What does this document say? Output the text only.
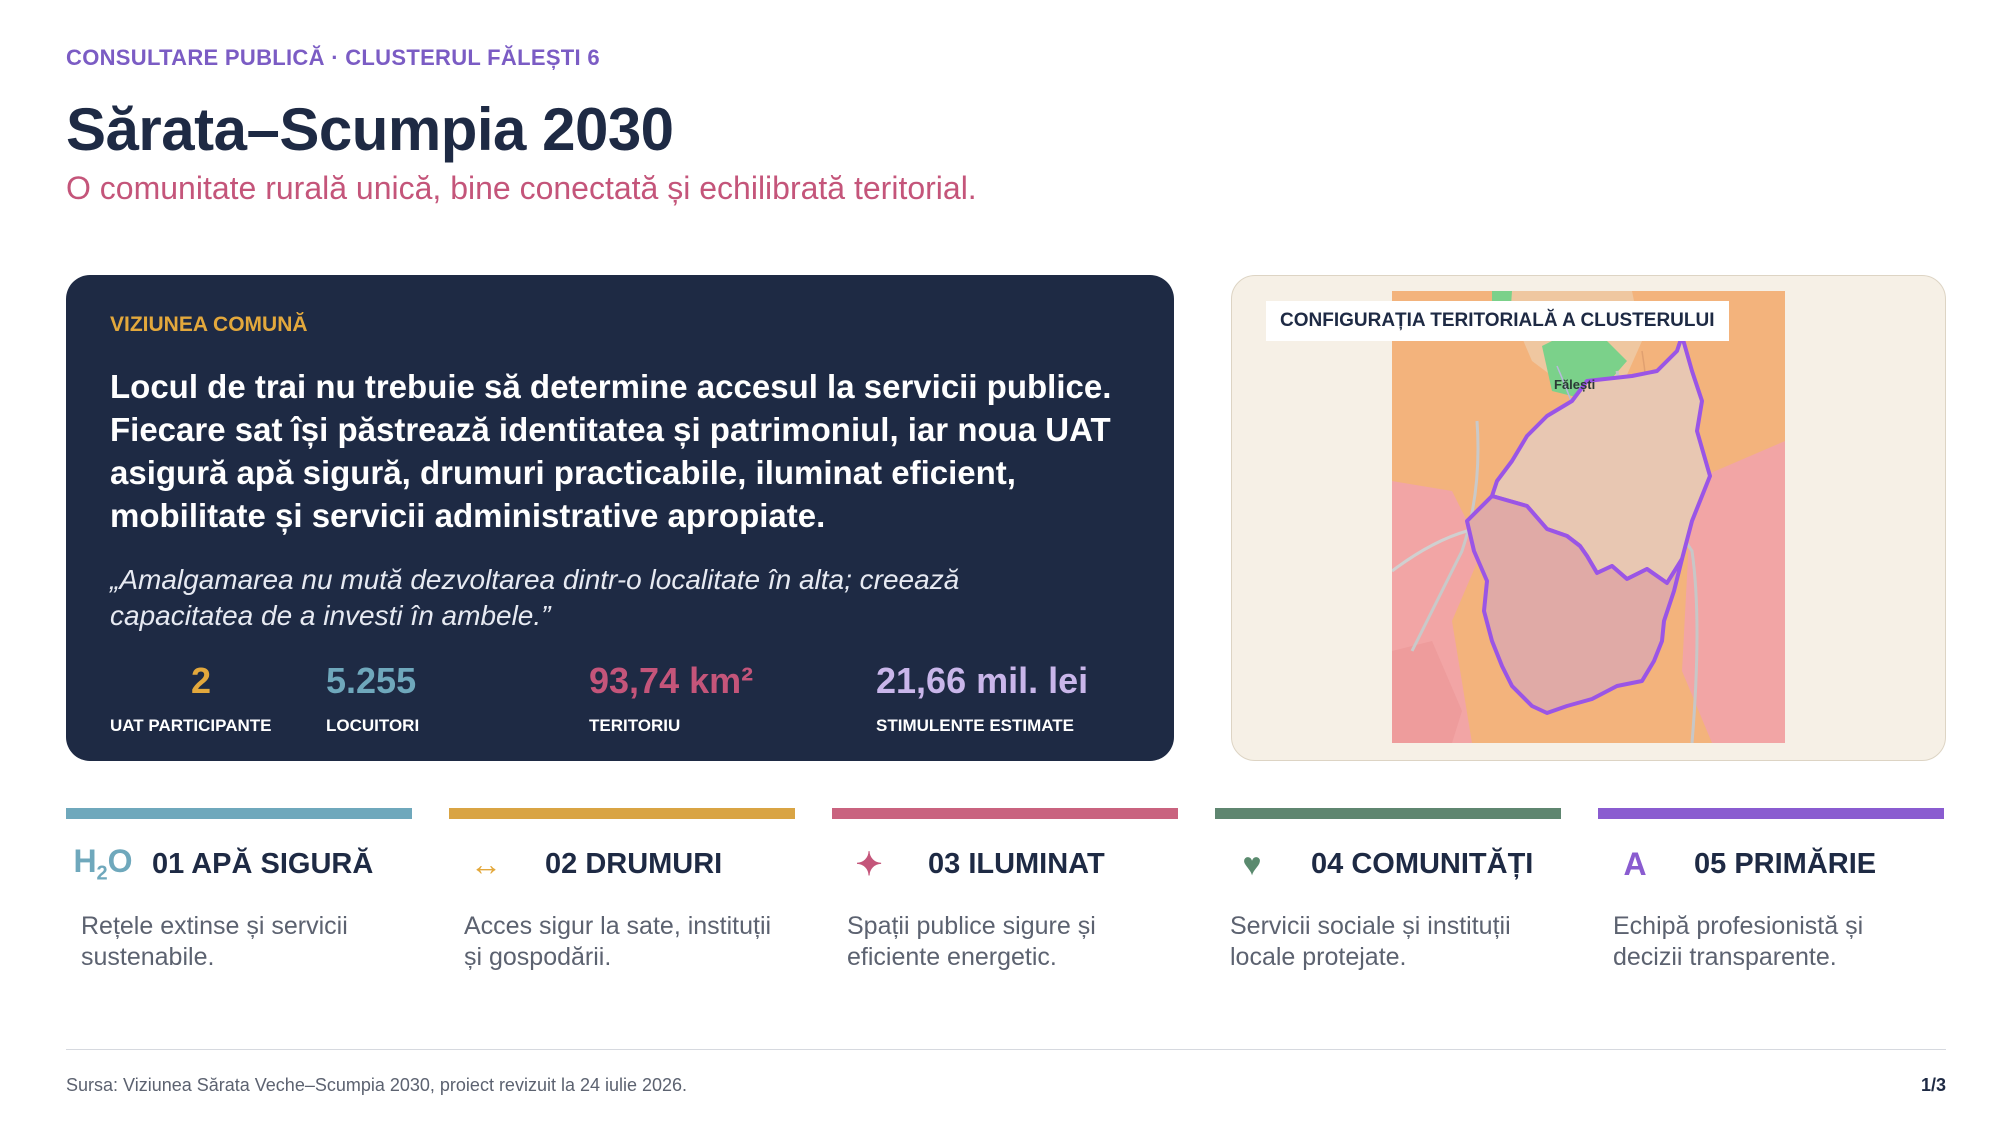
CONSULTARE PUBLICĂ · CLUSTERUL FĂLEȘTI 6
Sărata–Scumpia 2030
O comunitate rurală unică, bine conectată și echilibrată teritorial.
VIZIUNEA COMUNĂ
Locul de trai nu trebuie să determine accesul la servicii publice. Fiecare sat își păstrează identitatea și patrimoniul, iar noua UAT asigură apă sigură, drumuri practicabile, iluminat eficient, mobilitate și servicii administrative apropiate.
„Amalgamarea nu mută dezvoltarea dintr-o localitate în alta; creează capacitatea de a investi în ambele.”
2
UAT PARTICIPANTE
5.255
LOCUITORI
93,74 km²
TERITORIU
21,66 mil. lei
STIMULENTE ESTIMATE
Fălești
CONFIGURAȚIA TERITORIALĂ A CLUSTERULUI
$H_2O$ 01 APĂ SIGURĂ
Rețele extinse și servicii sustenabile.
↔	02 DRUMURI
Acces sigur la sate, instituții și gospodării.
✦	03 ILUMINAT
Spații publice sigure și eficiente energetic.
♥	04 COMUNITĂȚI
Servicii sociale și instituții locale protejate.
A	05 PRIMĂRIE
Echipă profesionistă și decizii transparente.
Sursa: Viziunea Sărata Veche–Scumpia 2030, proiect revizuit la 24 iulie 2026.	1/3
